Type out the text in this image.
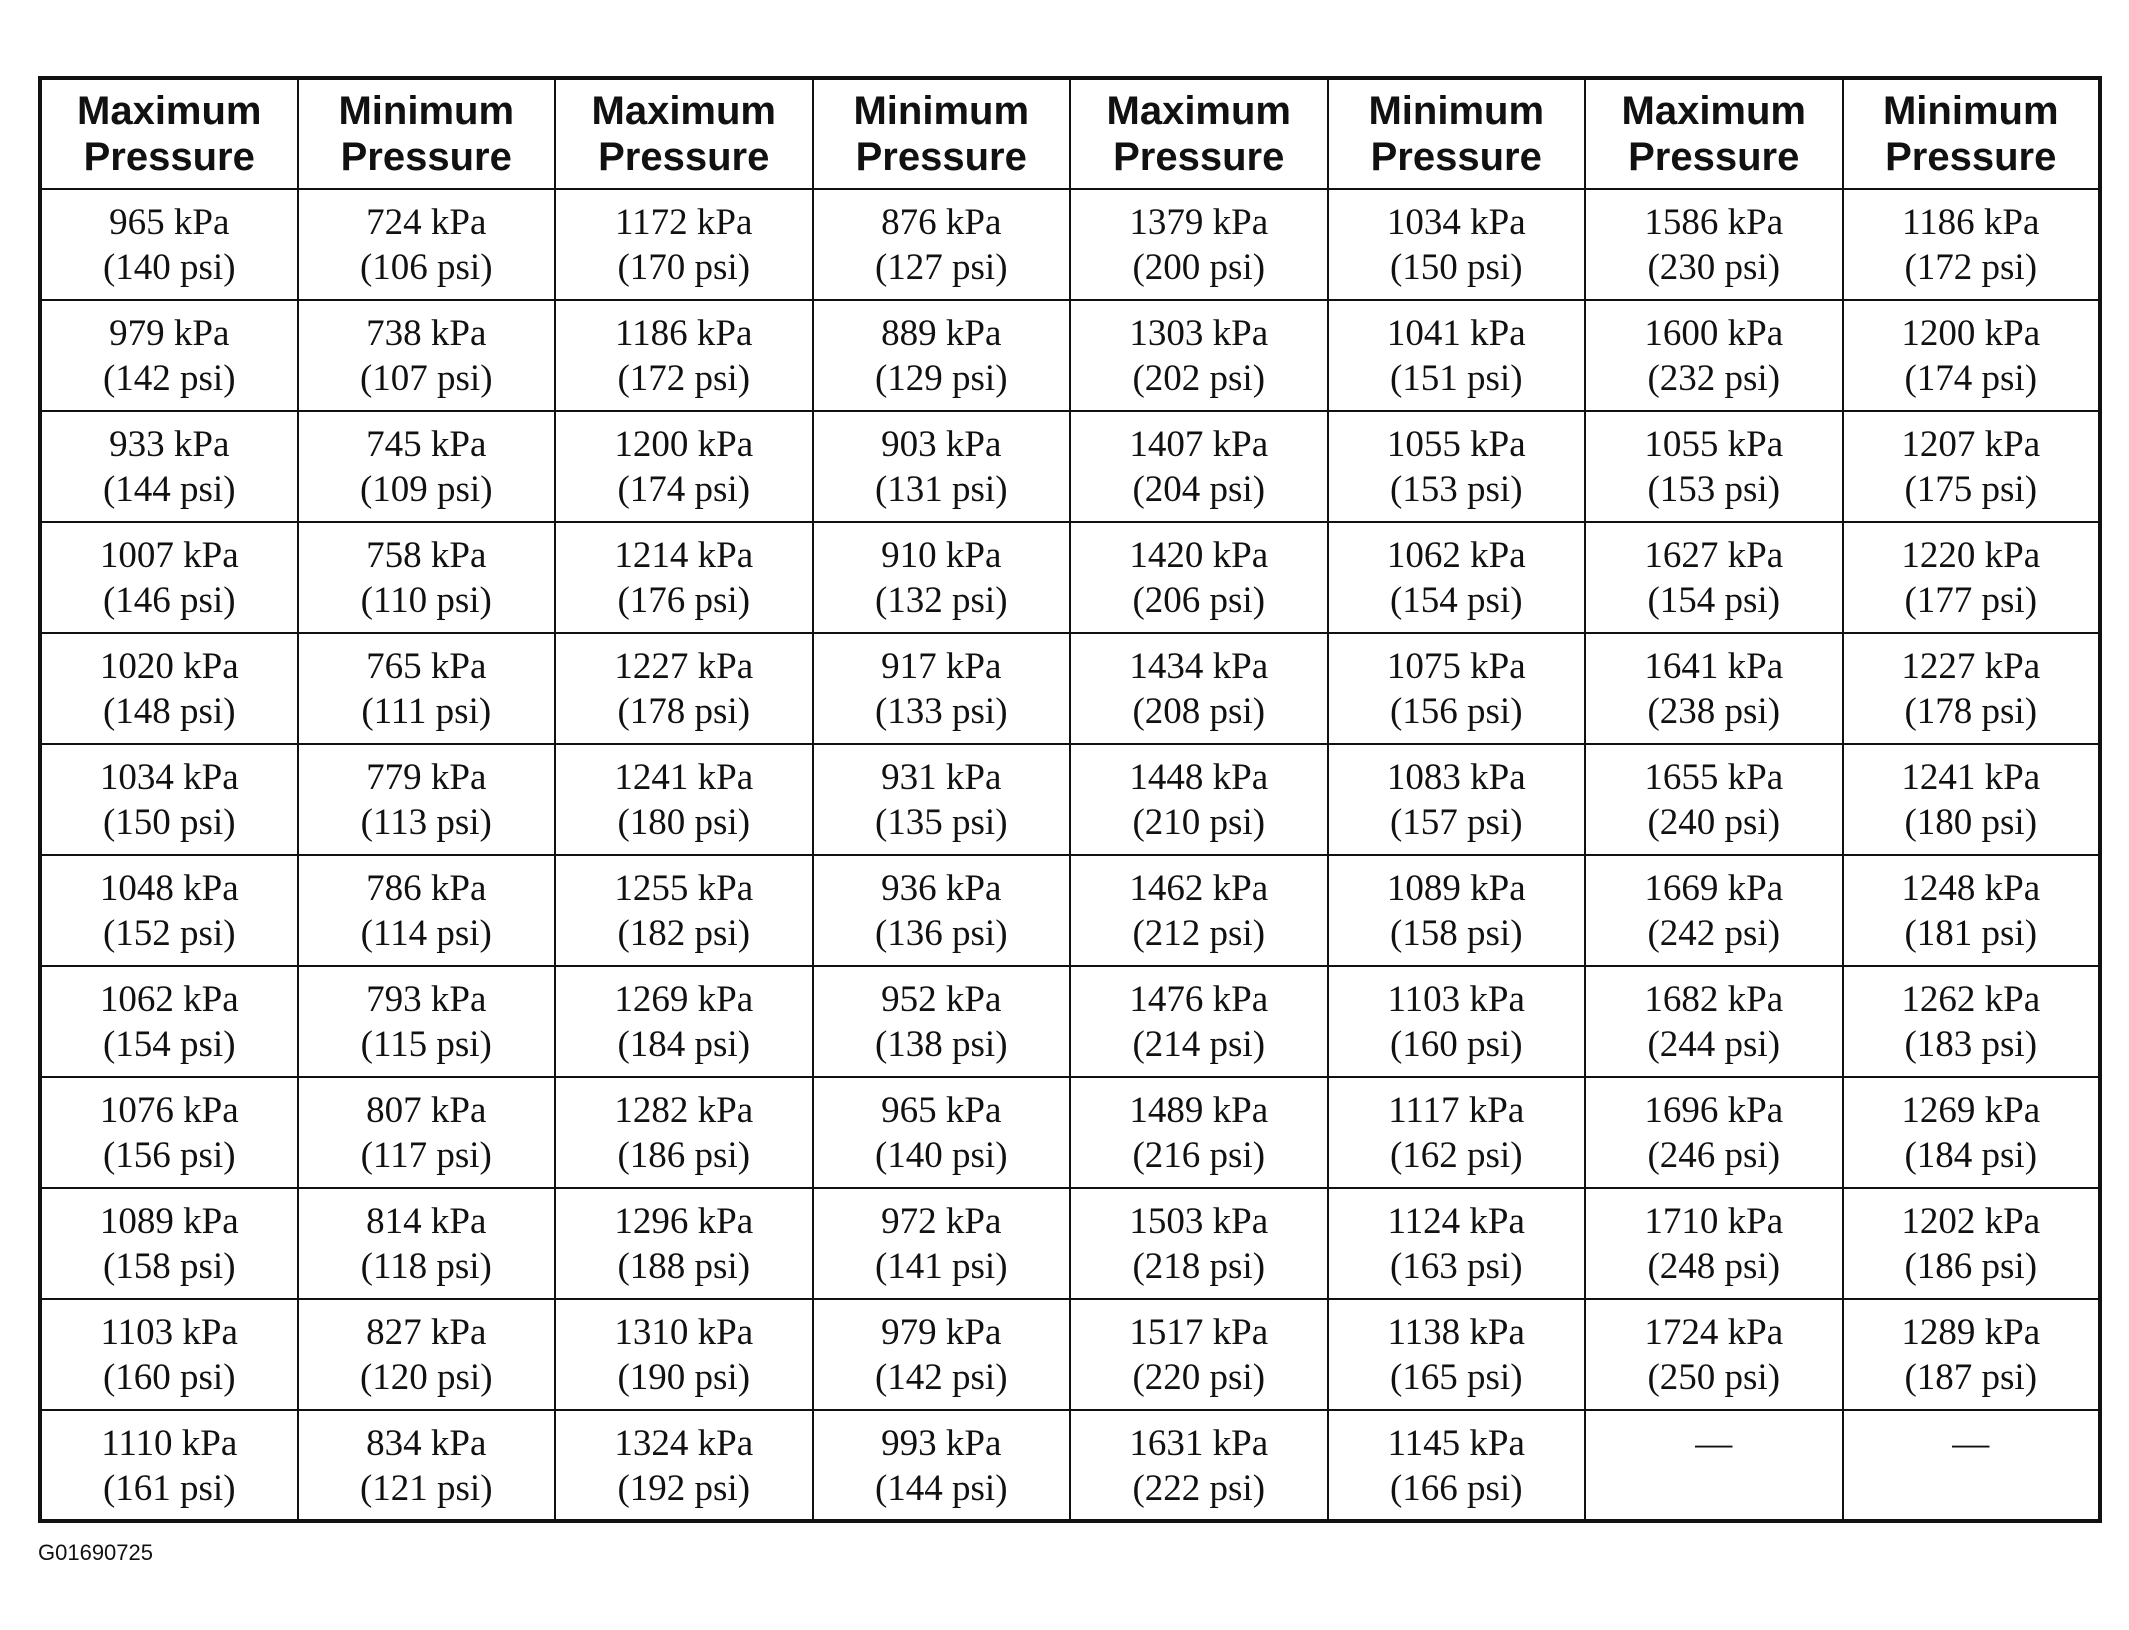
Maximum
Pressure	Minimum
Pressure	Maximum
Pressure	Minimum
Pressure	Maximum
Pressure	Minimum
Pressure	Maximum
Pressure	Minimum
Pressure

965 kPa
(140 psi)	724 kPa
(106 psi)	1172 kPa
(170 psi)	876 kPa
(127 psi)	1379 kPa
(200 psi)	1034 kPa
(150 psi)	1586 kPa
(230 psi)	1186 kPa
(172 psi)

979 kPa
(142 psi)	738 kPa
(107 psi)	1186 kPa
(172 psi)	889 kPa
(129 psi)	1303 kPa
(202 psi)	1041 kPa
(151 psi)	1600 kPa
(232 psi)	1200 kPa
(174 psi)

933 kPa
(144 psi)	745 kPa
(109 psi)	1200 kPa
(174 psi)	903 kPa
(131 psi)	1407 kPa
(204 psi)	1055 kPa
(153 psi)	1055 kPa
(153 psi)	1207 kPa
(175 psi)

1007 kPa
(146 psi)	758 kPa
(110 psi)	1214 kPa
(176 psi)	910 kPa
(132 psi)	1420 kPa
(206 psi)	1062 kPa
(154 psi)	1627 kPa
(154 psi)	1220 kPa
(177 psi)

1020 kPa
(148 psi)	765 kPa
(111 psi)	1227 kPa
(178 psi)	917 kPa
(133 psi)	1434 kPa
(208 psi)	1075 kPa
(156 psi)	1641 kPa
(238 psi)	1227 kPa
(178 psi)

1034 kPa
(150 psi)	779 kPa
(113 psi)	1241 kPa
(180 psi)	931 kPa
(135 psi)	1448 kPa
(210 psi)	1083 kPa
(157 psi)	1655 kPa
(240 psi)	1241 kPa
(180 psi)

1048 kPa
(152 psi)	786 kPa
(114 psi)	1255 kPa
(182 psi)	936 kPa
(136 psi)	1462 kPa
(212 psi)	1089 kPa
(158 psi)	1669 kPa
(242 psi)	1248 kPa
(181 psi)

1062 kPa
(154 psi)	793 kPa
(115 psi)	1269 kPa
(184 psi)	952 kPa
(138 psi)	1476 kPa
(214 psi)	1103 kPa
(160 psi)	1682 kPa
(244 psi)	1262 kPa
(183 psi)

1076 kPa
(156 psi)	807 kPa
(117 psi)	1282 kPa
(186 psi)	965 kPa
(140 psi)	1489 kPa
(216 psi)	1117 kPa
(162 psi)	1696 kPa
(246 psi)	1269 kPa
(184 psi)

1089 kPa
(158 psi)	814 kPa
(118 psi)	1296 kPa
(188 psi)	972 kPa
(141 psi)	1503 kPa
(218 psi)	1124 kPa
(163 psi)	1710 kPa
(248 psi)	1202 kPa
(186 psi)

1103 kPa
(160 psi)	827 kPa
(120 psi)	1310 kPa
(190 psi)	979 kPa
(142 psi)	1517 kPa
(220 psi)	1138 kPa
(165 psi)	1724 kPa
(250 psi)	1289 kPa
(187 psi)

1110 kPa
(161 psi)	834 kPa
(121 psi)	1324 kPa
(192 psi)	993 kPa
(144 psi)	1631 kPa
(222 psi)	1145 kPa
(166 psi)	—	—
G01690725
